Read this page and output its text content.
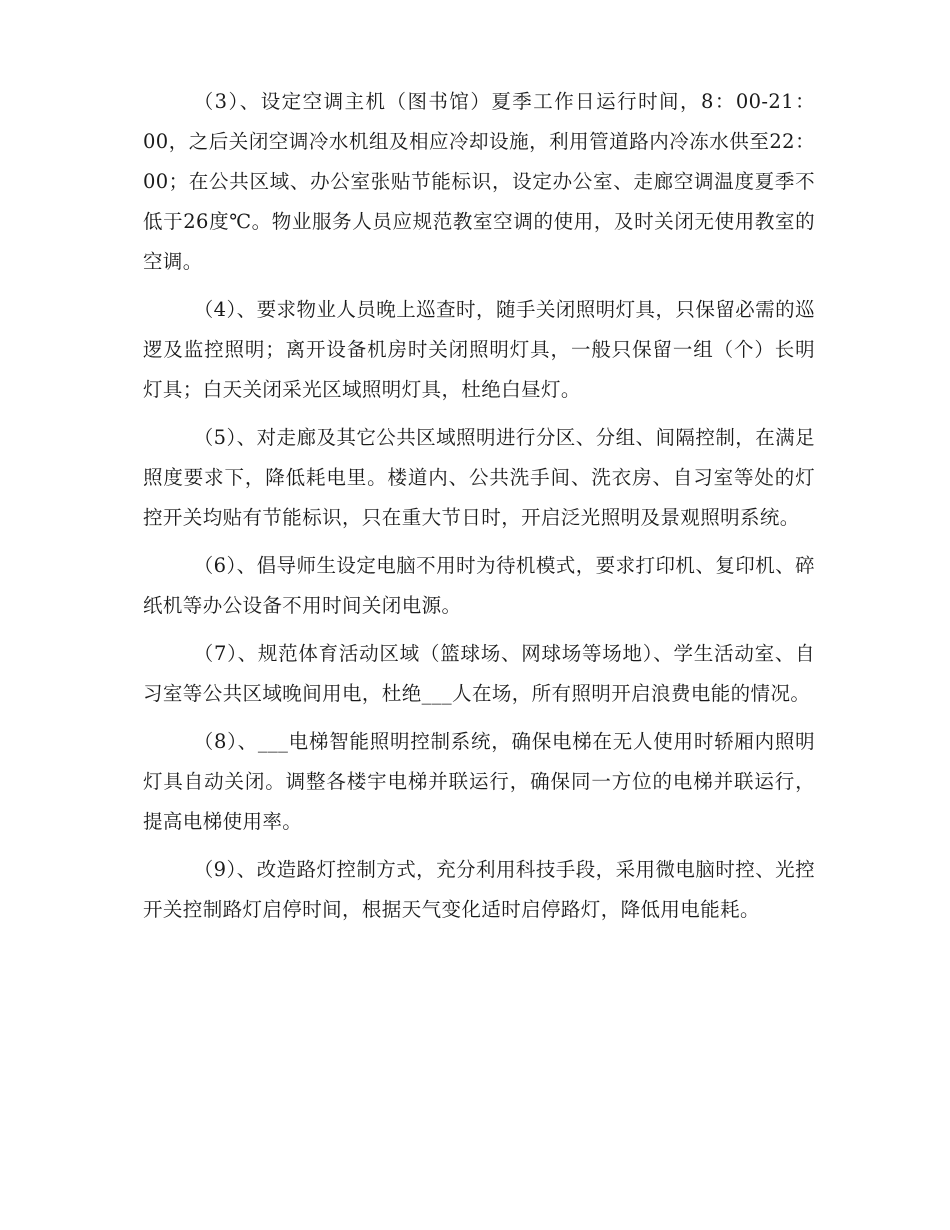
（3）、设定空调主机（图书馆）夏季工作日运行时间，8：00-21：00，之后关闭空调冷水机组及相应冷却设施，利用管道路内冷冻水供至22：00；在公共区域、办公室张贴节能标识，设定办公室、走廊空调温度夏季不低于26度℃。物业服务人员应规范教室空调的使用，及时关闭无使用教室的空调。

（4）、要求物业人员晚上巡查时，随手关闭照明灯具，只保留必需的巡逻及监控照明；离开设备机房时关闭照明灯具，一般只保留一组（个）长明灯具；白天关闭采光区域照明灯具，杜绝白昼灯。

（5）、对走廊及其它公共区域照明进行分区、分组、间隔控制，在满足照度要求下，降低耗电里。楼道内、公共洗手间、洗衣房、自习室等处的灯控开关均贴有节能标识，只在重大节日时，开启泛光照明及景观照明系统。

（6）、倡导师生设定电脑不用时为待机模式，要求打印机、复印机、碎纸机等办公设备不用时间关闭电源。

（7）、规范体育活动区域（篮球场、网球场等场地）、学生活动室、自习室等公共区域晚间用电，杜绝___人在场，所有照明开启浪费电能的情况。

（8）、___电梯智能照明控制系统，确保电梯在无人使用时轿厢内照明灯具自动关闭。调整各楼宇电梯并联运行，确保同一方位的电梯并联运行，提高电梯使用率。

（9）、改造路灯控制方式，充分利用科技手段，采用微电脑时控、光控开关控制路灯启停时间，根据天气变化适时启停路灯，降低用电能耗。
